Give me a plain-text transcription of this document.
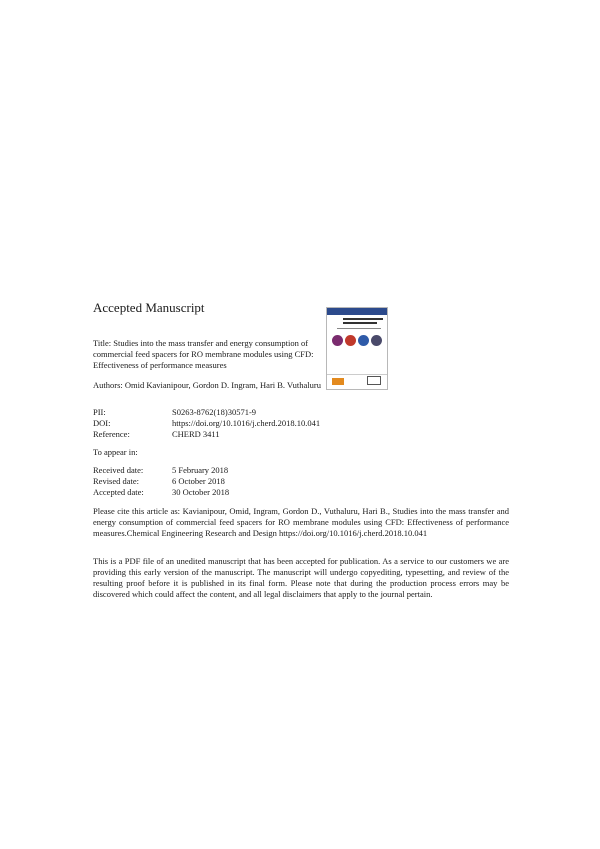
Accepted Manuscript
Title: Studies into the mass transfer and energy consumption of commercial feed spacers for RO membrane modules using CFD: Effectiveness of performance measures
Authors: Omid Kavianipour, Gordon D. Ingram, Hari B. Vuthaluru
PII:	S0263-8762(18)30571-9
DOI:	https://doi.org/10.1016/j.cherd.2018.10.041
Reference:	CHERD 3411
To appear in:
Received date:	5 February 2018
Revised date:	6 October 2018
Accepted date:	30 October 2018
Please cite this article as: Kavianipour, Omid, Ingram, Gordon D., Vuthaluru, Hari B., Studies into the mass transfer and energy consumption of commercial feed spacers for RO membrane modules using CFD: Effectiveness of performance measures.Chemical Engineering Research and Design https://doi.org/10.1016/j.cherd.2018.10.041
This is a PDF file of an unedited manuscript that has been accepted for publication. As a service to our customers we are providing this early version of the manuscript. The manuscript will undergo copyediting, typesetting, and review of the resulting proof before it is published in its final form. Please note that during the production process errors may be discovered which could affect the content, and all legal disclaimers that apply to the journal pertain.
